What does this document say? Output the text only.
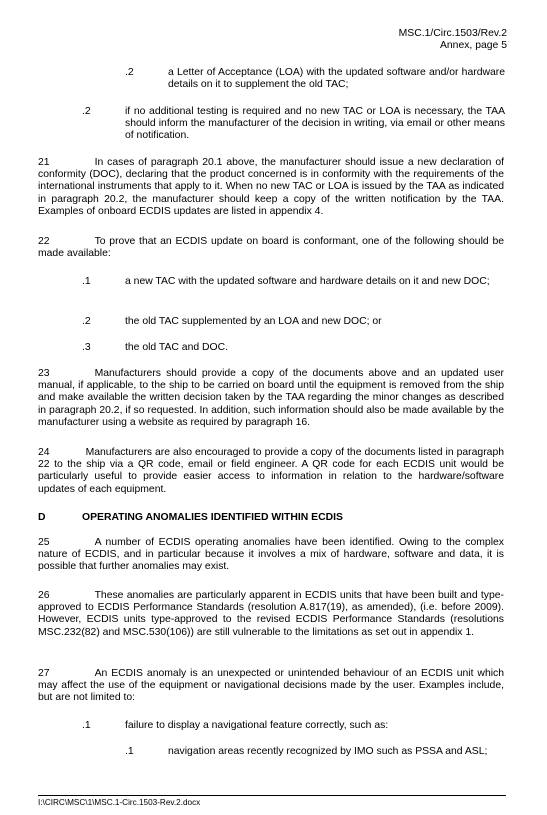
MSC.1/Circ.1503/Rev.2
Annex, page 5
.2	a Letter of Acceptance (LOA) with the updated software and/or hardware details on it to supplement the old TAC;
.2	if no additional testing is required and no new TAC or LOA is necessary, the TAA should inform the manufacturer of the decision in writing, via email or other means of notification.
21	In cases of paragraph 20.1 above, the manufacturer should issue a new declaration of conformity (DOC), declaring that the product concerned is in conformity with the requirements of the international instruments that apply to it. When no new TAC or LOA is issued by the TAA as indicated in paragraph 20.2, the manufacturer should keep a copy of the written notification by the TAA. Examples of onboard ECDIS updates are listed in appendix 4.
22	To prove that an ECDIS update on board is conformant, one of the following should be made available:
.1	a new TAC with the updated software and hardware details on it and new DOC;
.2	the old TAC supplemented by an LOA and new DOC; or
.3	the old TAC and DOC.
23	Manufacturers should provide a copy of the documents above and an updated user manual, if applicable, to the ship to be carried on board until the equipment is removed from the ship and make available the written decision taken by the TAA regarding the minor changes as described in paragraph 20.2, if so requested. In addition, such information should also be made available by the manufacturer using a website as required by paragraph 16.
24	Manufacturers are also encouraged to provide a copy of the documents listed in paragraph 22 to the ship via a QR code, email or field engineer. A QR code for each ECDIS unit would be particularly useful to provide easier access to information in relation to the hardware/software updates of each equipment.
D	OPERATING ANOMALIES IDENTIFIED WITHIN ECDIS
25	A number of ECDIS operating anomalies have been identified. Owing to the complex nature of ECDIS, and in particular because it involves a mix of hardware, software and data, it is possible that further anomalies may exist.
26	These anomalies are particularly apparent in ECDIS units that have been built and type-approved to ECDIS Performance Standards (resolution A.817(19), as amended), (i.e. before 2009). However, ECDIS units type-approved to the revised ECDIS Performance Standards (resolutions MSC.232(82) and MSC.530(106)) are still vulnerable to the limitations as set out in appendix 1.
27	An ECDIS anomaly is an unexpected or unintended behaviour of an ECDIS unit which may affect the use of the equipment or navigational decisions made by the user. Examples include, but are not limited to:
.1	failure to display a navigational feature correctly, such as:
.1	navigation areas recently recognized by IMO such as PSSA and ASL;
I:\CIRC\MSC\1\MSC.1-Circ.1503-Rev.2.docx
